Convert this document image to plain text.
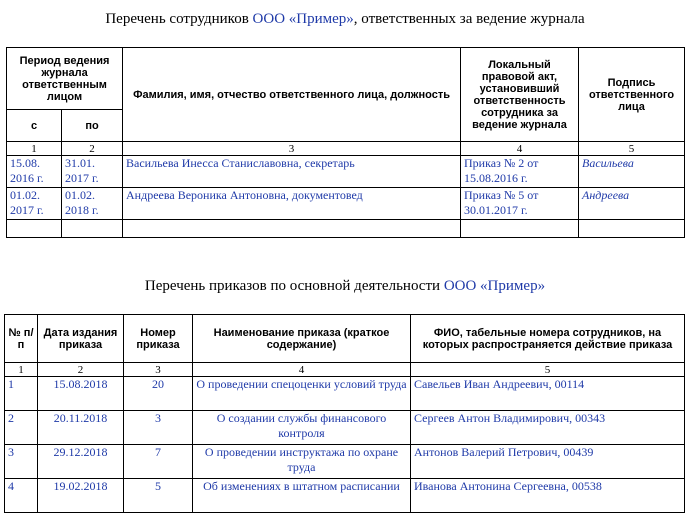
Перечень сотрудников ООО «Пример», ответственных за ведение журнала
Период ведения журнала ответственным лицом		Фамилия, имя, отчество ответственного лица, должность	Локальный правовой акт, установивший ответственность сотрудника за ведение журнала	Подпись ответственного лица
с	по			
1	2	3	4	5
15.08. 2016 г.	31.01. 2017 г.	Васильева Инесса Станиславовна, секретарь	Приказ № 2 от 15.08.2016 г.	Васильева
01.02. 2017 г.	01.02. 2018 г.	Андреева Вероника Антоновна, документовед	Приказ № 5 от 30.01.2017 г.	Андреева

Перечень приказов по основной деятельности ООО «Пример»
№ п/п	Дата издания приказа	Номер приказа	Наименование приказа (краткое содержание)	ФИО, табельные номера сотрудников, на которых распространяется действие приказа
1	2	3	4	5
1	15.08.2018	20	О проведении спецоценки условий труда	Савельев Иван Андреевич, 00114
2	20.11.2018	3	О создании службы финансового контроля	Сергеев Антон Владимирович, 00343
3	29.12.2018	7	О проведении инструктажа по охране труда	Антонов Валерий Петрович, 00439
4	19.02.2018	5	Об изменениях в штатном расписании	Иванова Антонина Сергеевна, 00538
